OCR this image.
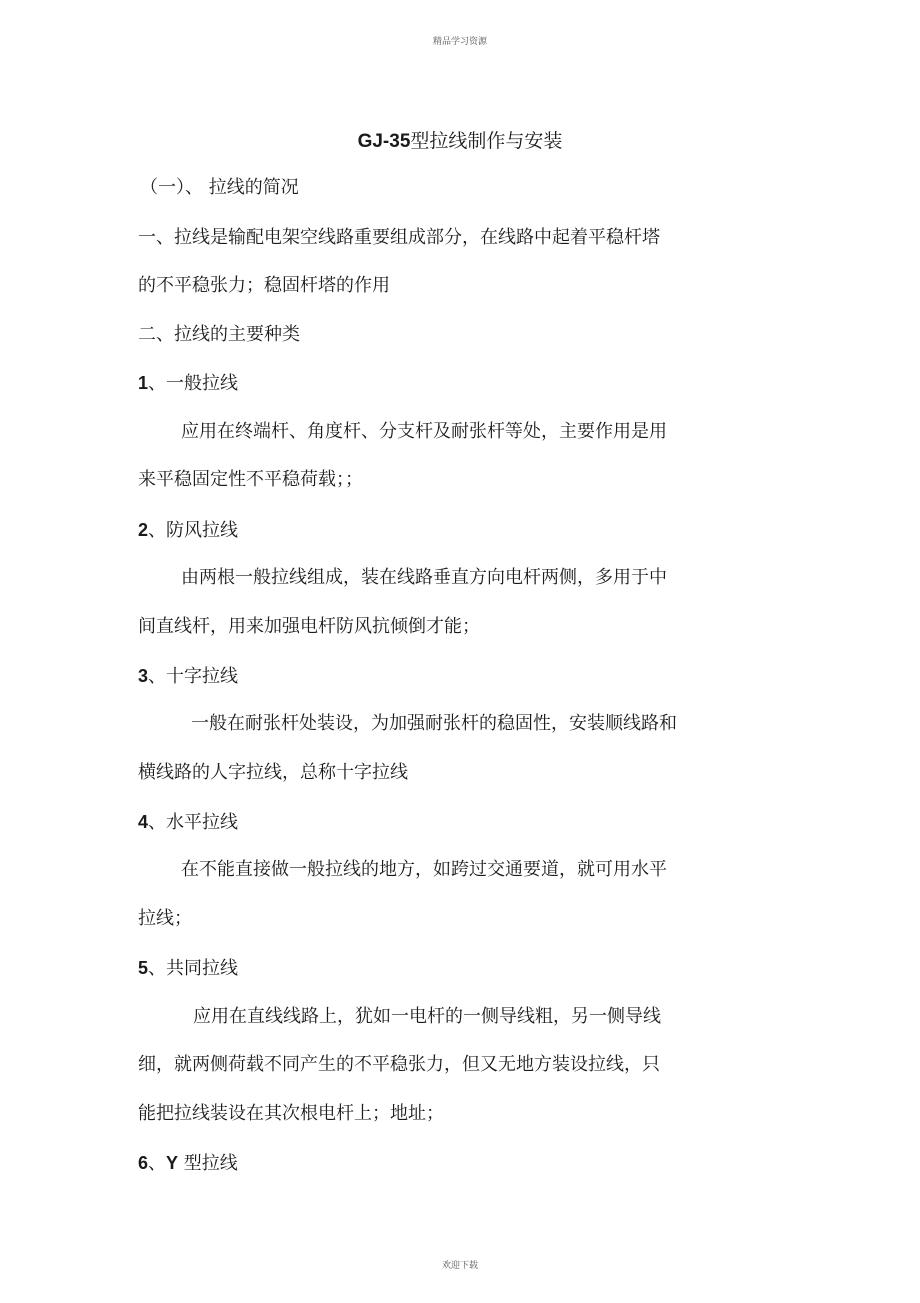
精品学习资源
GJ-35型拉线制作与安装
（一）、 拉线的简况
一、拉线是输配电架空线路重要组成部分，在线路中起着平稳杆塔
的不平稳张力；稳固杆塔的作用
二、拉线的主要种类
1、一般拉线
应用在终端杆、角度杆、分支杆及耐张杆等处，主要作用是用
来平稳固定性不平稳荷载；；
2、防风拉线
由两根一般拉线组成，装在线路垂直方向电杆两侧，多用于中
间直线杆，用来加强电杆防风抗倾倒才能；
3、十字拉线
一般在耐张杆处装设，为加强耐张杆的稳固性，安装顺线路和
横线路的人字拉线，总称十字拉线
4、水平拉线
在不能直接做一般拉线的地方，如跨过交通要道，就可用水平
拉线；
5、共同拉线
应用在直线线路上，犹如一电杆的一侧导线粗，另一侧导线
细，就两侧荷载不同产生的不平稳张力，但又无地方装设拉线，只
能把拉线装设在其次根电杆上；地址；
6、Y 型拉线
欢迎下载
